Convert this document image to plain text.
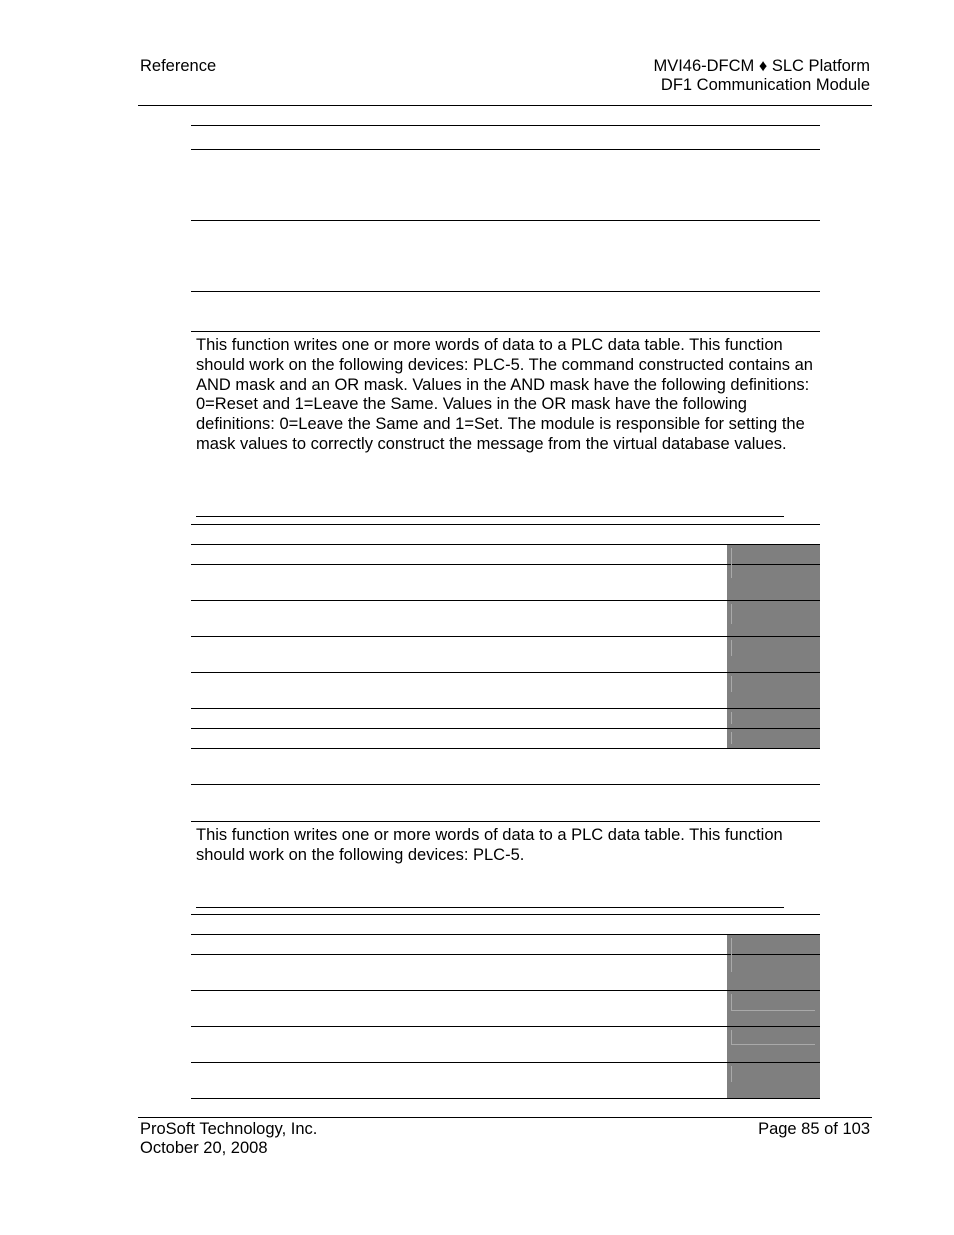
Reference	MVI46-DFCM ♦ SLC Platform
DF1 Communication Module
This function writes one or more words of data to a PLC data table. This function should work on the following devices: PLC-5. The command constructed contains an AND mask and an OR mask. Values in the AND mask have the following definitions: 0=Reset and 1=Leave the Same. Values in the OR mask have the following definitions: 0=Leave the Same and 1=Set. The module is responsible for setting the mask values to correctly construct the message from the virtual database values.
This function writes one or more words of data to a PLC data table. This function should work on the following devices: PLC-5.
ProSoft Technology, Inc.
October 20, 2008
Page 85 of 103
